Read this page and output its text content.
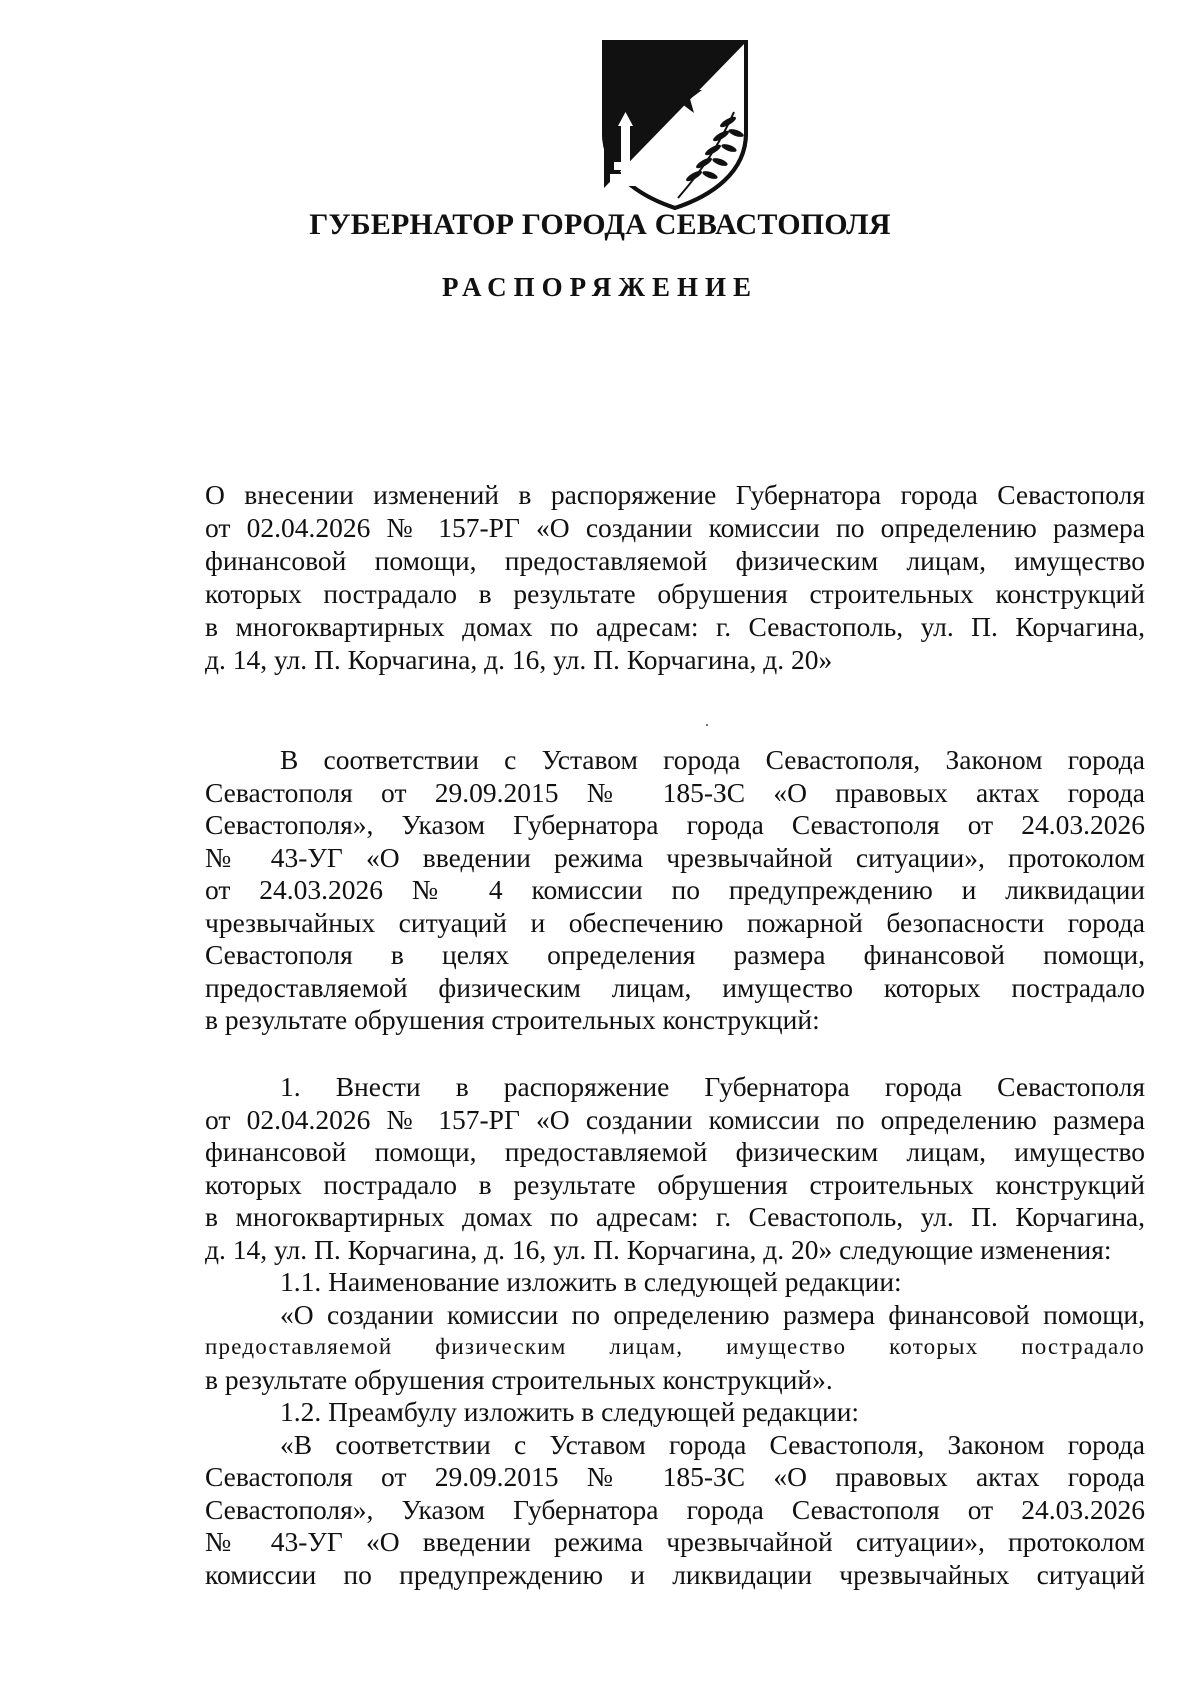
ГУБЕРНАТОР ГОРОДА СЕВАСТОПОЛЯ
РАСПОРЯЖЕНИЕ
О внесении изменений в распоряжение Губернатора города Севастополя
от 02.04.2026 № 157-РГ «О создании комиссии по определению размера
финансовой помощи, предоставляемой физическим лицам, имущество
которых пострадало в результате обрушения строительных конструкций
в многоквартирных домах по адресам: г. Севастополь, ул. П. Корчагина,
д. 14, ул. П. Корчагина, д. 16, ул. П. Корчагина, д. 20»
В соответствии с Уставом города Севастополя, Законом города
Севастополя от 29.09.2015 № 185-ЗС «О правовых актах города
Севастополя», Указом Губернатора города Севастополя от 24.03.2026
№ 43-УГ «О введении режима чрезвычайной ситуации», протоколом
от 24.03.2026 № 4 комиссии по предупреждению и ликвидации
чрезвычайных ситуаций и обеспечению пожарной безопасности города
Севастополя в целях определения размера финансовой помощи,
предоставляемой физическим лицам, имущество которых пострадало
в результате обрушения строительных конструкций:
1. Внести в распоряжение Губернатора города Севастополя
от 02.04.2026 № 157-РГ «О создании комиссии по определению размера
финансовой помощи, предоставляемой физическим лицам, имущество
которых пострадало в результате обрушения строительных конструкций
в многоквартирных домах по адресам: г. Севастополь, ул. П. Корчагина,
д. 14, ул. П. Корчагина, д. 16, ул. П. Корчагина, д. 20» следующие изменения:
1.1. Наименование изложить в следующей редакции:
«О создании комиссии по определению размера финансовой помощи,
предоставляемой физическим лицам, имущество которых пострадало
в результате обрушения строительных конструкций».
1.2. Преамбулу изложить в следующей редакции:
«В соответствии с Уставом города Севастополя, Законом города
Севастополя от 29.09.2015 № 185-ЗС «О правовых актах города
Севастополя», Указом Губернатора города Севастополя от 24.03.2026
№ 43-УГ «О введении режима чрезвычайной ситуации», протоколом
комиссии по предупреждению и ликвидации чрезвычайных ситуаций
